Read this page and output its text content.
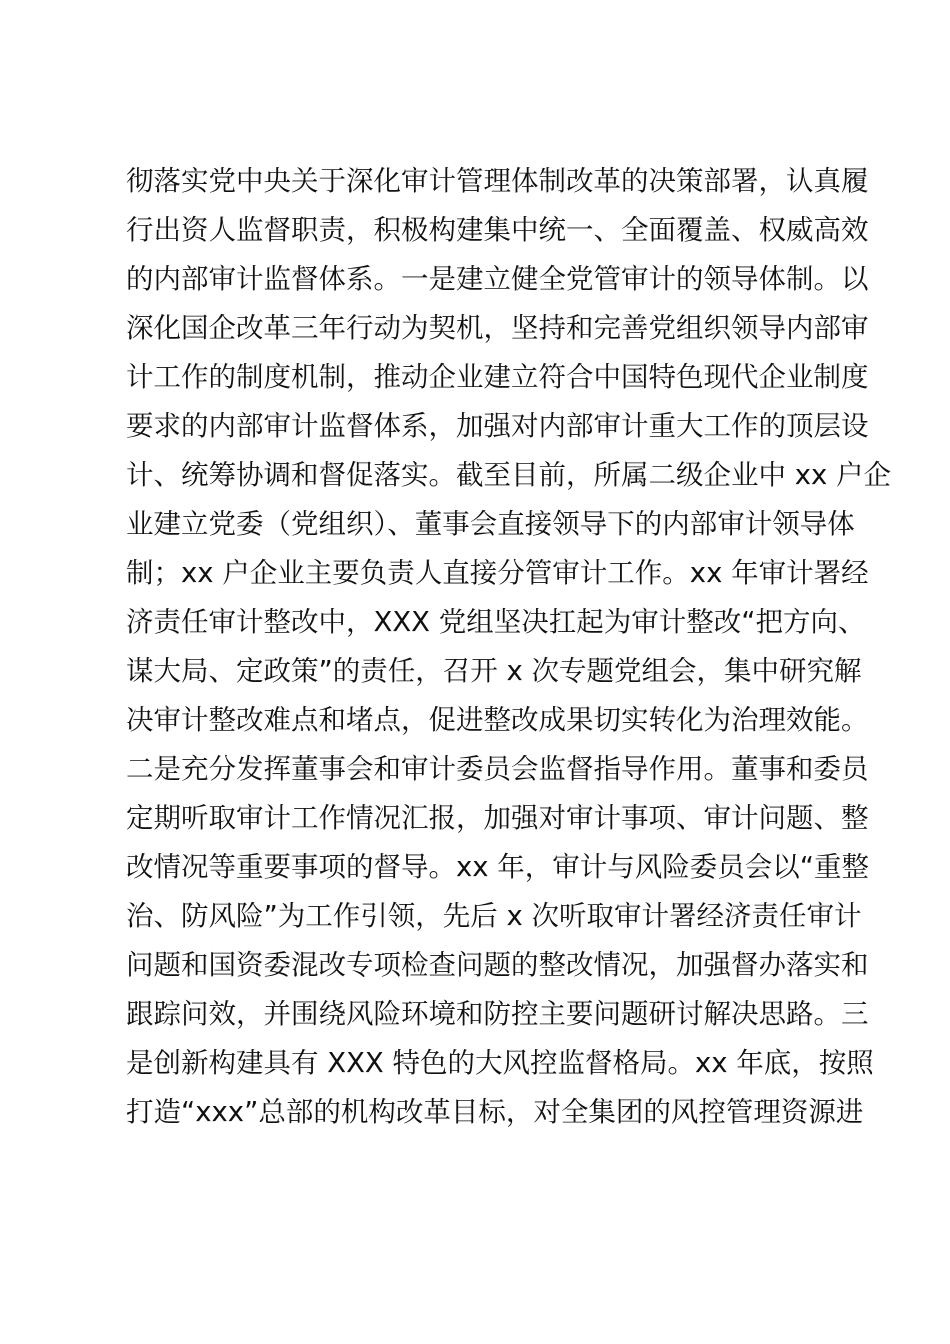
彻落实党中央关于深化审计管理体制改革的决策部署，认真履
行出资人监督职责，积极构建集中统一、全面覆盖、权威高效
的内部审计监督体系。一是建立健全党管审计的领导体制。以
深化国企改革三年行动为契机，坚持和完善党组织领导内部审
计工作的制度机制，推动企业建立符合中国特色现代企业制度
要求的内部审计监督体系，加强对内部审计重大工作的顶层设
计、统筹协调和督促落实。截至目前，所属二级企业中 xx 户企
业建立党委（党组织）、董事会直接领导下的内部审计领导体
制；xx 户企业主要负责人直接分管审计工作。xx 年审计署经
济责任审计整改中，XXX 党组坚决扛起为审计整改“把方向、
谋大局、定政策”的责任，召开 x 次专题党组会，集中研究解
决审计整改难点和堵点，促进整改成果切实转化为治理效能。
二是充分发挥董事会和审计委员会监督指导作用。董事和委员
定期听取审计工作情况汇报，加强对审计事项、审计问题、整
改情况等重要事项的督导。xx 年，审计与风险委员会以“重整
治、防风险”为工作引领，先后 x 次听取审计署经济责任审计
问题和国资委混改专项检查问题的整改情况，加强督办落实和
跟踪问效，并围绕风险环境和防控主要问题研讨解决思路。三
是创新构建具有 XXX 特色的大风控监督格局。xx 年底，按照
打造“xxx”总部的机构改革目标，对全集团的风控管理资源进
